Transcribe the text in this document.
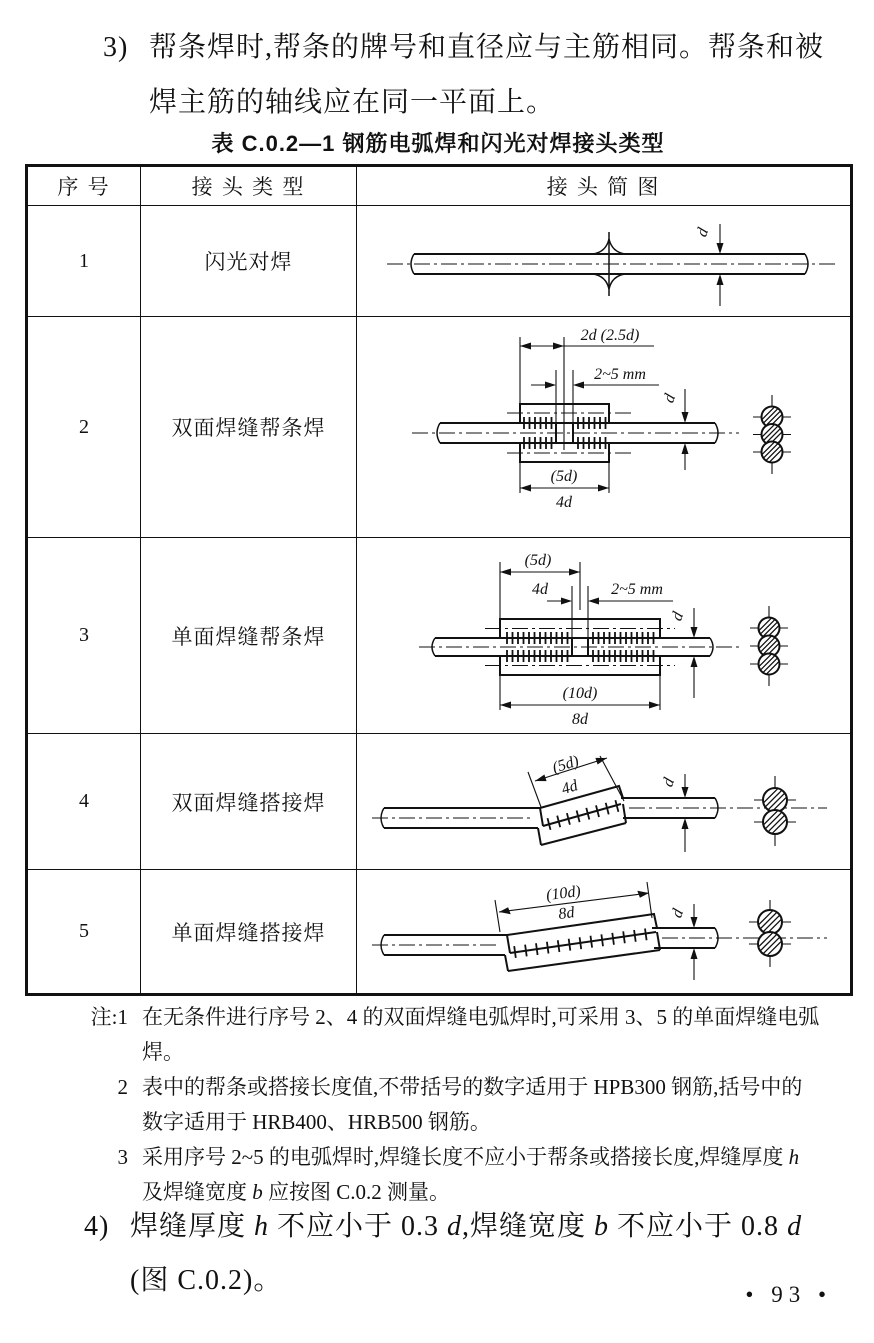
3) 帮条焊时,帮条的牌号和直径应与主筋相同。帮条和被
焊主筋的轴线应在同一平面上。
表 C.0.2—1 钢筋电弧焊和闪光对焊接头类型
序 号	接 头 类 型	接 头 简 图
1	闪光对焊	d

2	双面焊缝帮条焊	2d (2.5d)
2~5 mm
d
(5d)
4d

3	单面焊缝帮条焊	
(5d)
4d	2~5 mm
d
(10d)
8d

4	双面焊缝搭接焊	(5d)
4d d

5	单面焊缝搭接焊	(10d)
8d d
注:1 在无条件进行序号 2、4 的双面焊缝电弧焊时,可采用 3、5 的单面焊缝电弧焊。
2 表中的帮条或搭接长度值,不带括号的数字适用于 HPB300 钢筋,括号中的数字适用于 HRB400、HRB500 钢筋。
3 采用序号 2~5 的电弧焊时,焊缝长度不应小于帮条或搭接长度,焊缝厚度 h 及焊缝宽度 b 应按图 C.0.2 测量。
4) 焊缝厚度 h 不应小于 0.3 d,焊缝宽度 b 不应小于 0.8 d
(图 C.0.2)。	• 93 •
